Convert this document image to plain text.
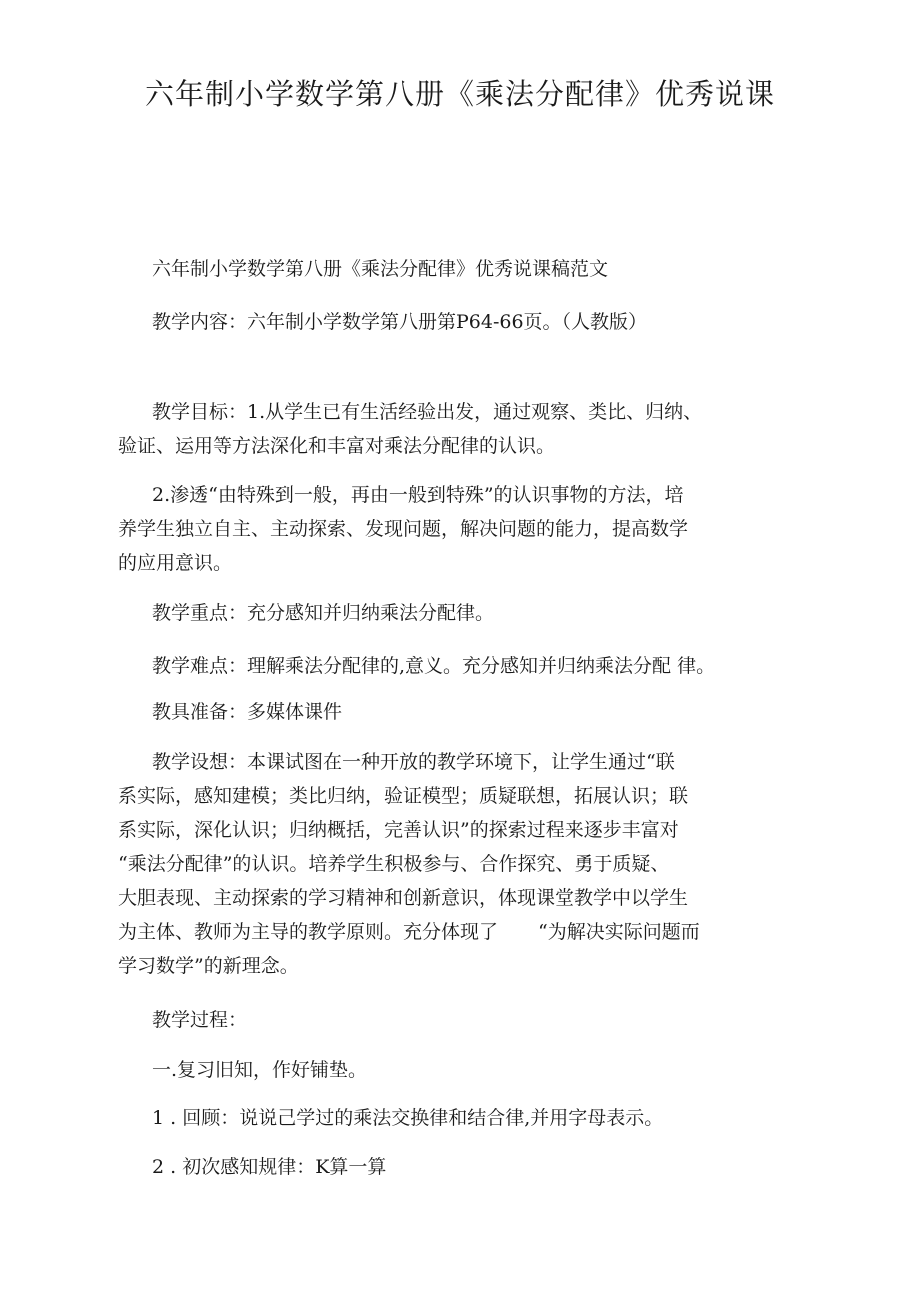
六年制小学数学第八册《乘法分配律》优秀说课

六年制小学数学第八册《乘法分配律》优秀说课稿范文

教学内容：六年制小学数学第八册第P64-66页。（人教版）

教学目标：1.从学生已有生活经验出发，通过观察、类比、归纳、
验证、运用等方法深化和丰富对乘法分配律的认识。
2.渗透“由特殊到一般，再由一般到特殊”的认识事物的方法，培
养学生独立自主、主动探索、发现问题，解决问题的能力，提高数学
的应用意识。

教学重点：充分感知并归纳乘法分配律。

教学难点：理解乘法分配律的,意义。充分感知并归纳乘法分配 律。

教具准备：多媒体课件

教学设想：本课试图在一种开放的教学环境下，让学生通过“联
系实际，感知建模；类比归纳，验证模型；质疑联想，拓展认识；联
系实际，深化认识；归纳概括，完善认识”的探索过程来逐步丰富对
“乘法分配律”的认识。培养学生积极参与、合作探究、勇于质疑、
大胆表现、主动探索的学习精神和创新意识，体现课堂教学中以学生
为主体、教师为主导的教学原则。充分体现了 “为解决实际问题而
学习数学”的新理念。

教学过程：

一.复习旧知，作好铺垫。

1 . 回顾：说说己学过的乘法交换律和结合律,并用字母表示。

2 . 初次感知规律：K算一算
